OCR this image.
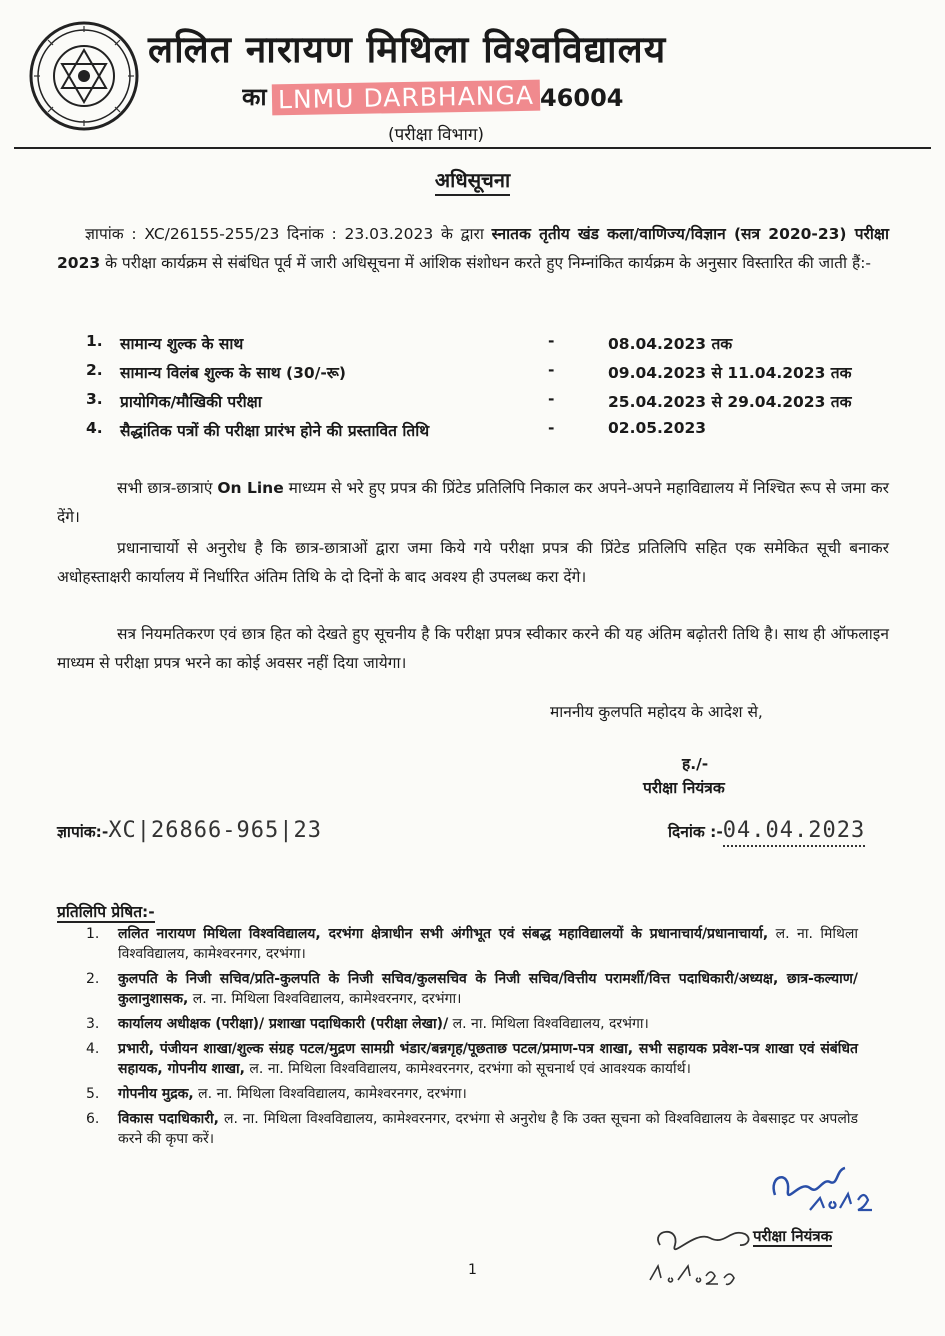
ललित नारायण मिथिला विश्वविद्यालय
का LNMU DARBHANGA 46004
(परीक्षा विभाग)
अधिसूचना
ज्ञापांक : XC/26155-255/23 दिनांक : 23.03.2023 के द्वारा स्नातक तृतीय खंड कला/वाणिज्य/विज्ञान (सत्र 2020-23) परीक्षा 2023 के परीक्षा कार्यक्रम से संबंधित पूर्व में जारी अधिसूचना में आंशिक संशोधन करते हुए निम्नांकित कार्यक्रम के अनुसार विस्तारित की जाती हैं:-
1. सामान्य शुल्क के साथ	-	08.04.2023 तक
2. सामान्य विलंब शुल्क के साथ (30/-रू)	-	09.04.2023 से 11.04.2023 तक
3. प्रायोगिक/मौखिकी परीक्षा	-	25.04.2023 से 29.04.2023 तक
4. सैद्धांतिक पत्रों की परीक्षा प्रारंभ होने की प्रस्तावित तिथि	-	02.05.2023
सभी छात्र-छात्राएं On Line माध्यम से भरे हुए प्रपत्र की प्रिंटेड प्रतिलिपि निकाल कर अपने-अपने महाविद्यालय में निश्चित रूप से जमा कर देंगे।
प्रधानाचार्यो से अनुरोध है कि छात्र-छात्राओं द्वारा जमा किये गये परीक्षा प्रपत्र की प्रिंटेड प्रतिलिपि सहित एक समेकित सूची बनाकर अधोहस्ताक्षरी कार्यालय में निर्धारित अंतिम तिथि के दो दिनों के बाद अवश्य ही उपलब्ध करा देंगे।
सत्र नियमतिकरण एवं छात्र हित को देखते हुए सूचनीय है कि परीक्षा प्रपत्र स्वीकार करने की यह अंतिम बढ़ोतरी तिथि है। साथ ही ऑफलाइन माध्यम से परीक्षा प्रपत्र भरने का कोई अवसर नहीं दिया जायेगा।
माननीय कुलपति महोदय के आदेश से,
ह./-
परीक्षा नियंत्रक
ज्ञापांक:-XC|26866-965|23	दिनांक :-04.04.2023
प्रतिलिपि प्रेषित:-
1. ललित नारायण मिथिला विश्वविद्यालय, दरभंगा क्षेत्राधीन सभी अंगीभूत एवं संबद्ध महाविद्यालयों के प्रधानाचार्य/प्रधानाचार्या, ल. ना. मिथिला विश्वविद्यालय, कामेश्वरनगर, दरभंगा।
2. कुलपति के निजी सचिव/प्रति-कुलपति के निजी सचिव/कुलसचिव के निजी सचिव/वित्तीय परामर्शी/वित्त पदाधिकारी/अध्यक्ष, छात्र-कल्याण/कुलानुशासक, ल. ना. मिथिला विश्वविद्यालय, कामेश्वरनगर, दरभंगा।
3. कार्यालय अधीक्षक (परीक्षा)/ प्रशाखा पदाधिकारी (परीक्षा लेखा)/ ल. ना. मिथिला विश्वविद्यालय, दरभंगा।
4. प्रभारी, पंजीयन शाखा/शुल्क संग्रह पटल/मुद्रण सामग्री भंडार/बन्नगृह/पूछताछ पटल/प्रमाण-पत्र शाखा, सभी सहायक प्रवेश-पत्र शाखा एवं संबंधित सहायक, गोपनीय शाखा, ल. ना. मिथिला विश्वविद्यालय, कामेश्वरनगर, दरभंगा को सूचनार्थ एवं आवश्यक कार्यार्थ।
5. गोपनीय मुद्रक, ल. ना. मिथिला विश्वविद्यालय, कामेश्वरनगर, दरभंगा।
6. विकास पदाधिकारी, ल. ना. मिथिला विश्वविद्यालय, कामेश्वरनगर, दरभंगा से अनुरोध है कि उक्त सूचना को विश्वविद्यालय के वेबसाइट पर अपलोड करने की कृपा करें।
परीक्षा नियंत्रक
1
